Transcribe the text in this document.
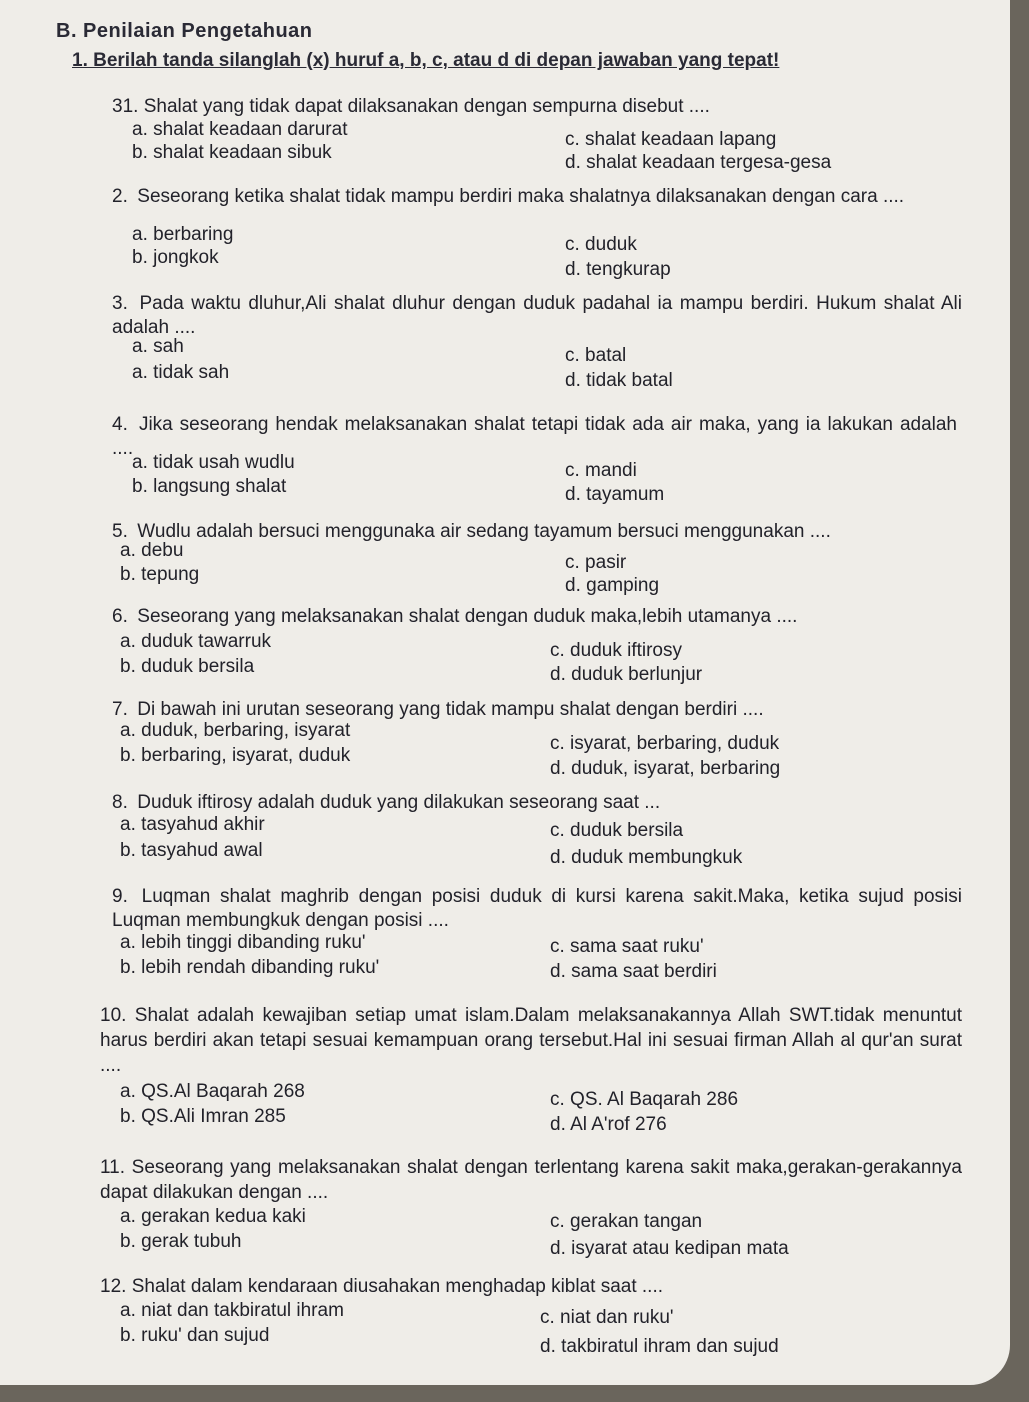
B. Penilaian Pengetahuan
1. Berilah tanda silanglah (x) huruf a, b, c, atau d di depan jawaban yang tepat!
31. Shalat yang tidak dapat dilaksanakan dengan sempurna disebut ....
a. shalat keadaan darurat
b. shalat keadaan sibuk
c. shalat keadaan lapang
d. shalat keadaan tergesa-gesa
2. Seseorang ketika shalat tidak mampu berdiri maka shalatnya dilaksanakan dengan cara ....
a. berbaring
b. jongkok
c. duduk
d. tengkurap
3. Pada waktu dluhur,Ali shalat dluhur dengan duduk padahal ia mampu berdiri. Hukum shalat Ali adalah ....
a. sah
a. tidak sah
c. batal
d. tidak batal
4. Jika seseorang hendak melaksanakan shalat tetapi tidak ada air maka, yang ia lakukan adalah ....
a. tidak usah wudlu
b. langsung shalat
c. mandi
d. tayamum
5. Wudlu adalah bersuci menggunaka air sedang tayamum bersuci menggunakan ....
a. debu
b. tepung
c. pasir
d. gamping
6. Seseorang yang melaksanakan shalat dengan duduk maka,lebih utamanya ....
a. duduk tawarruk
b. duduk bersila
c. duduk iftirosy
d. duduk berlunjur
7. Di bawah ini urutan seseorang yang tidak mampu shalat dengan berdiri ....
a. duduk, berbaring, isyarat
b. berbaring, isyarat, duduk
c. isyarat, berbaring, duduk
d. duduk, isyarat, berbaring
8. Duduk iftirosy adalah duduk yang dilakukan seseorang saat ...
a. tasyahud akhir
b. tasyahud awal
c. duduk bersila
d. duduk membungkuk
9. Luqman shalat maghrib dengan posisi duduk di kursi karena sakit.Maka, ketika sujud posisi Luqman membungkuk dengan posisi ....
a. lebih tinggi dibanding ruku'
b. lebih rendah dibanding ruku'
c. sama saat ruku'
d. sama saat berdiri
10. Shalat adalah kewajiban setiap umat islam.Dalam melaksanakannya Allah SWT.tidak menuntut harus berdiri akan tetapi sesuai kemampuan orang tersebut.Hal ini sesuai firman Allah al qur'an surat ....
a. QS.Al Baqarah 268
b. QS.Ali Imran 285
c. QS. Al Baqarah 286
d. Al A'rof 276
11. Seseorang yang melaksanakan shalat dengan terlentang karena sakit maka,gerakan-gerakannya dapat dilakukan dengan ....
a. gerakan kedua kaki
b. gerak tubuh
c. gerakan tangan
d. isyarat atau kedipan mata
12. Shalat dalam kendaraan diusahakan menghadap kiblat saat ....
a. niat dan takbiratul ihram
b. ruku' dan sujud
c. niat dan ruku'
d. takbiratul ihram dan sujud
